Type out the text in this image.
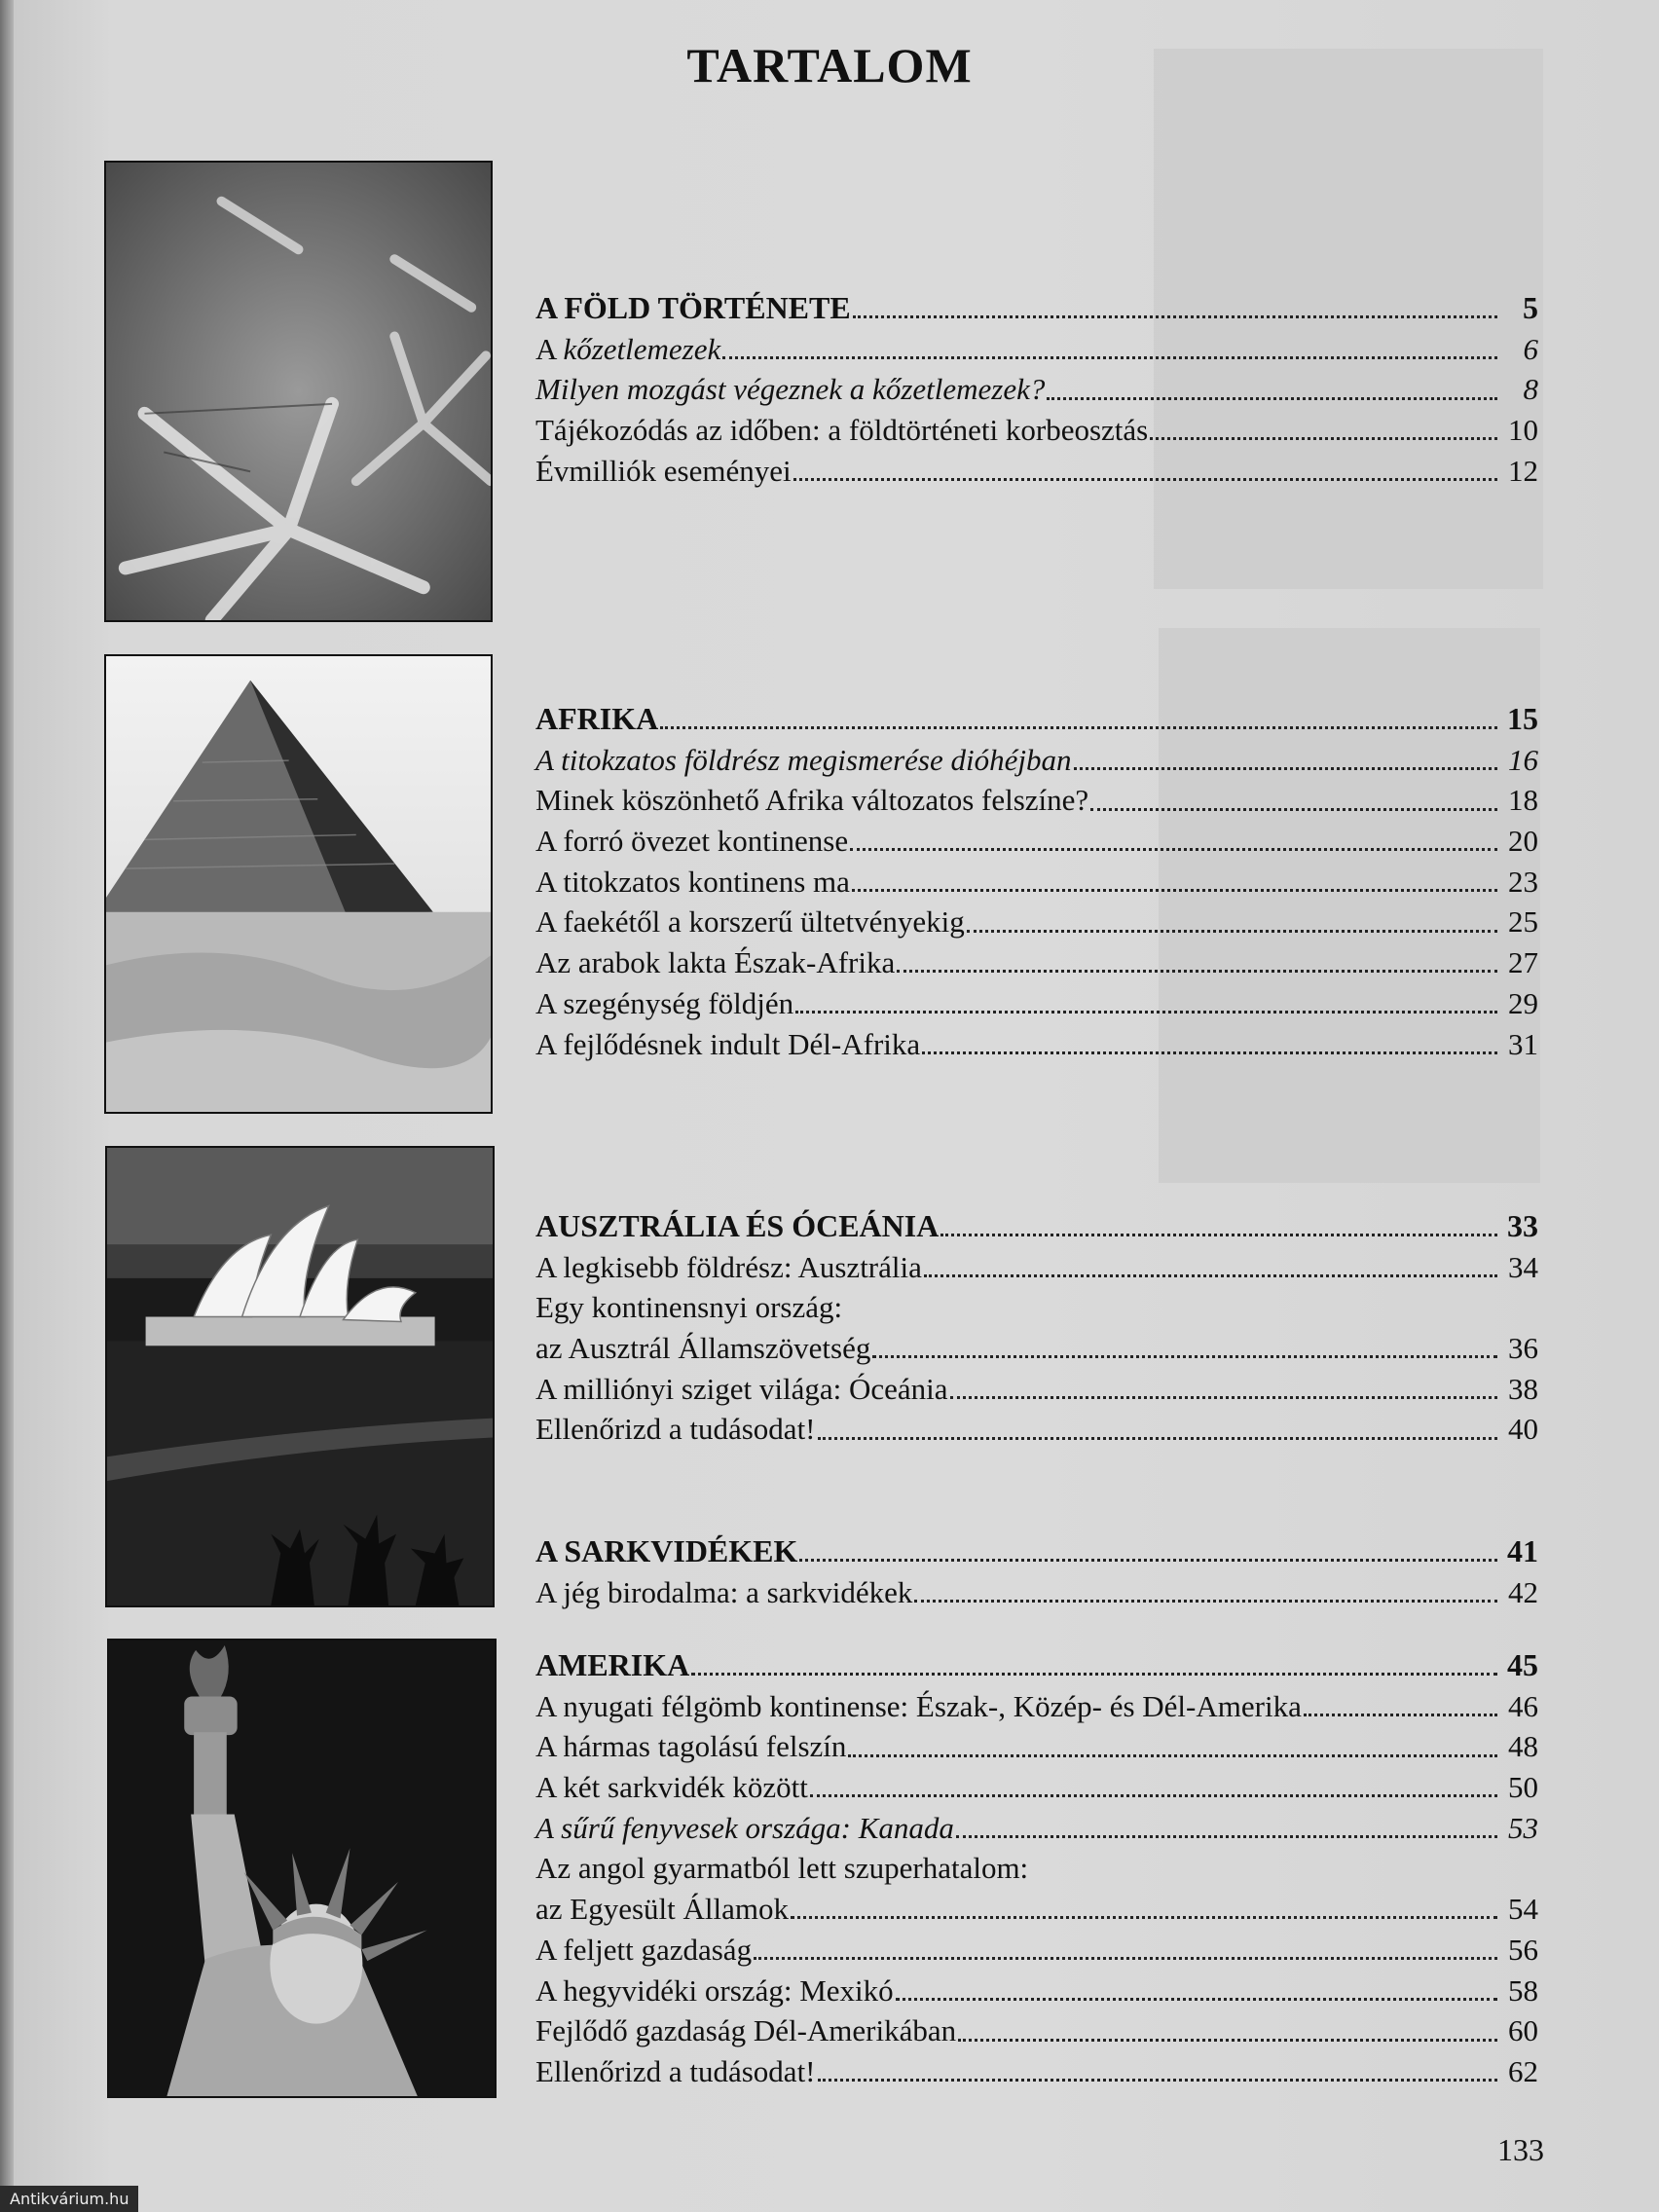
TARTALOM
A FÖLD TÖRTÉNETE	5
A kőzetlemezek	6
Milyen mozgást végeznek a kőzetlemezek?	8
Tájékozódás az időben: a földtörténeti korbeosztás	10
Évmilliók eseményei	12
AFRIKA	15
A titokzatos földrész megismerése dióhéjban	16
Minek köszönhető Afrika változatos felszíne?	18
A forró övezet kontinense	20
A titokzatos kontinens ma	23
A faekétől a korszerű ültetvényekig	25
Az arabok lakta Észak-Afrika	27
A szegénység földjén	29
A fejlődésnek indult Dél-Afrika	31
AUSZTRÁLIA ÉS ÓCEÁNIA	33
A legkisebb földrész: Ausztrália	34
Egy kontinensnyi ország:
az Ausztrál Államszövetség	36
A milliónyi sziget világa: Óceánia	38
Ellenőrizd a tudásodat!	40
A SARKVIDÉKEK	41
A jég birodalma: a sarkvidékek	42
AMERIKA	45
A nyugati félgömb kontinense: Észak-, Közép- és Dél-Amerika	46
A hármas tagolású felszín	48
A két sarkvidék között	50
A sűrű fenyvesek országa: Kanada	53
Az angol gyarmatból lett szuperhatalom:
az Egyesült Államok	54
A feljett gazdaság	56
A hegyvidéki ország: Mexikó	58
Fejlődő gazdaság Dél-Amerikában	60
Ellenőrizd a tudásodat!	62
133
Antikvárium.hu
